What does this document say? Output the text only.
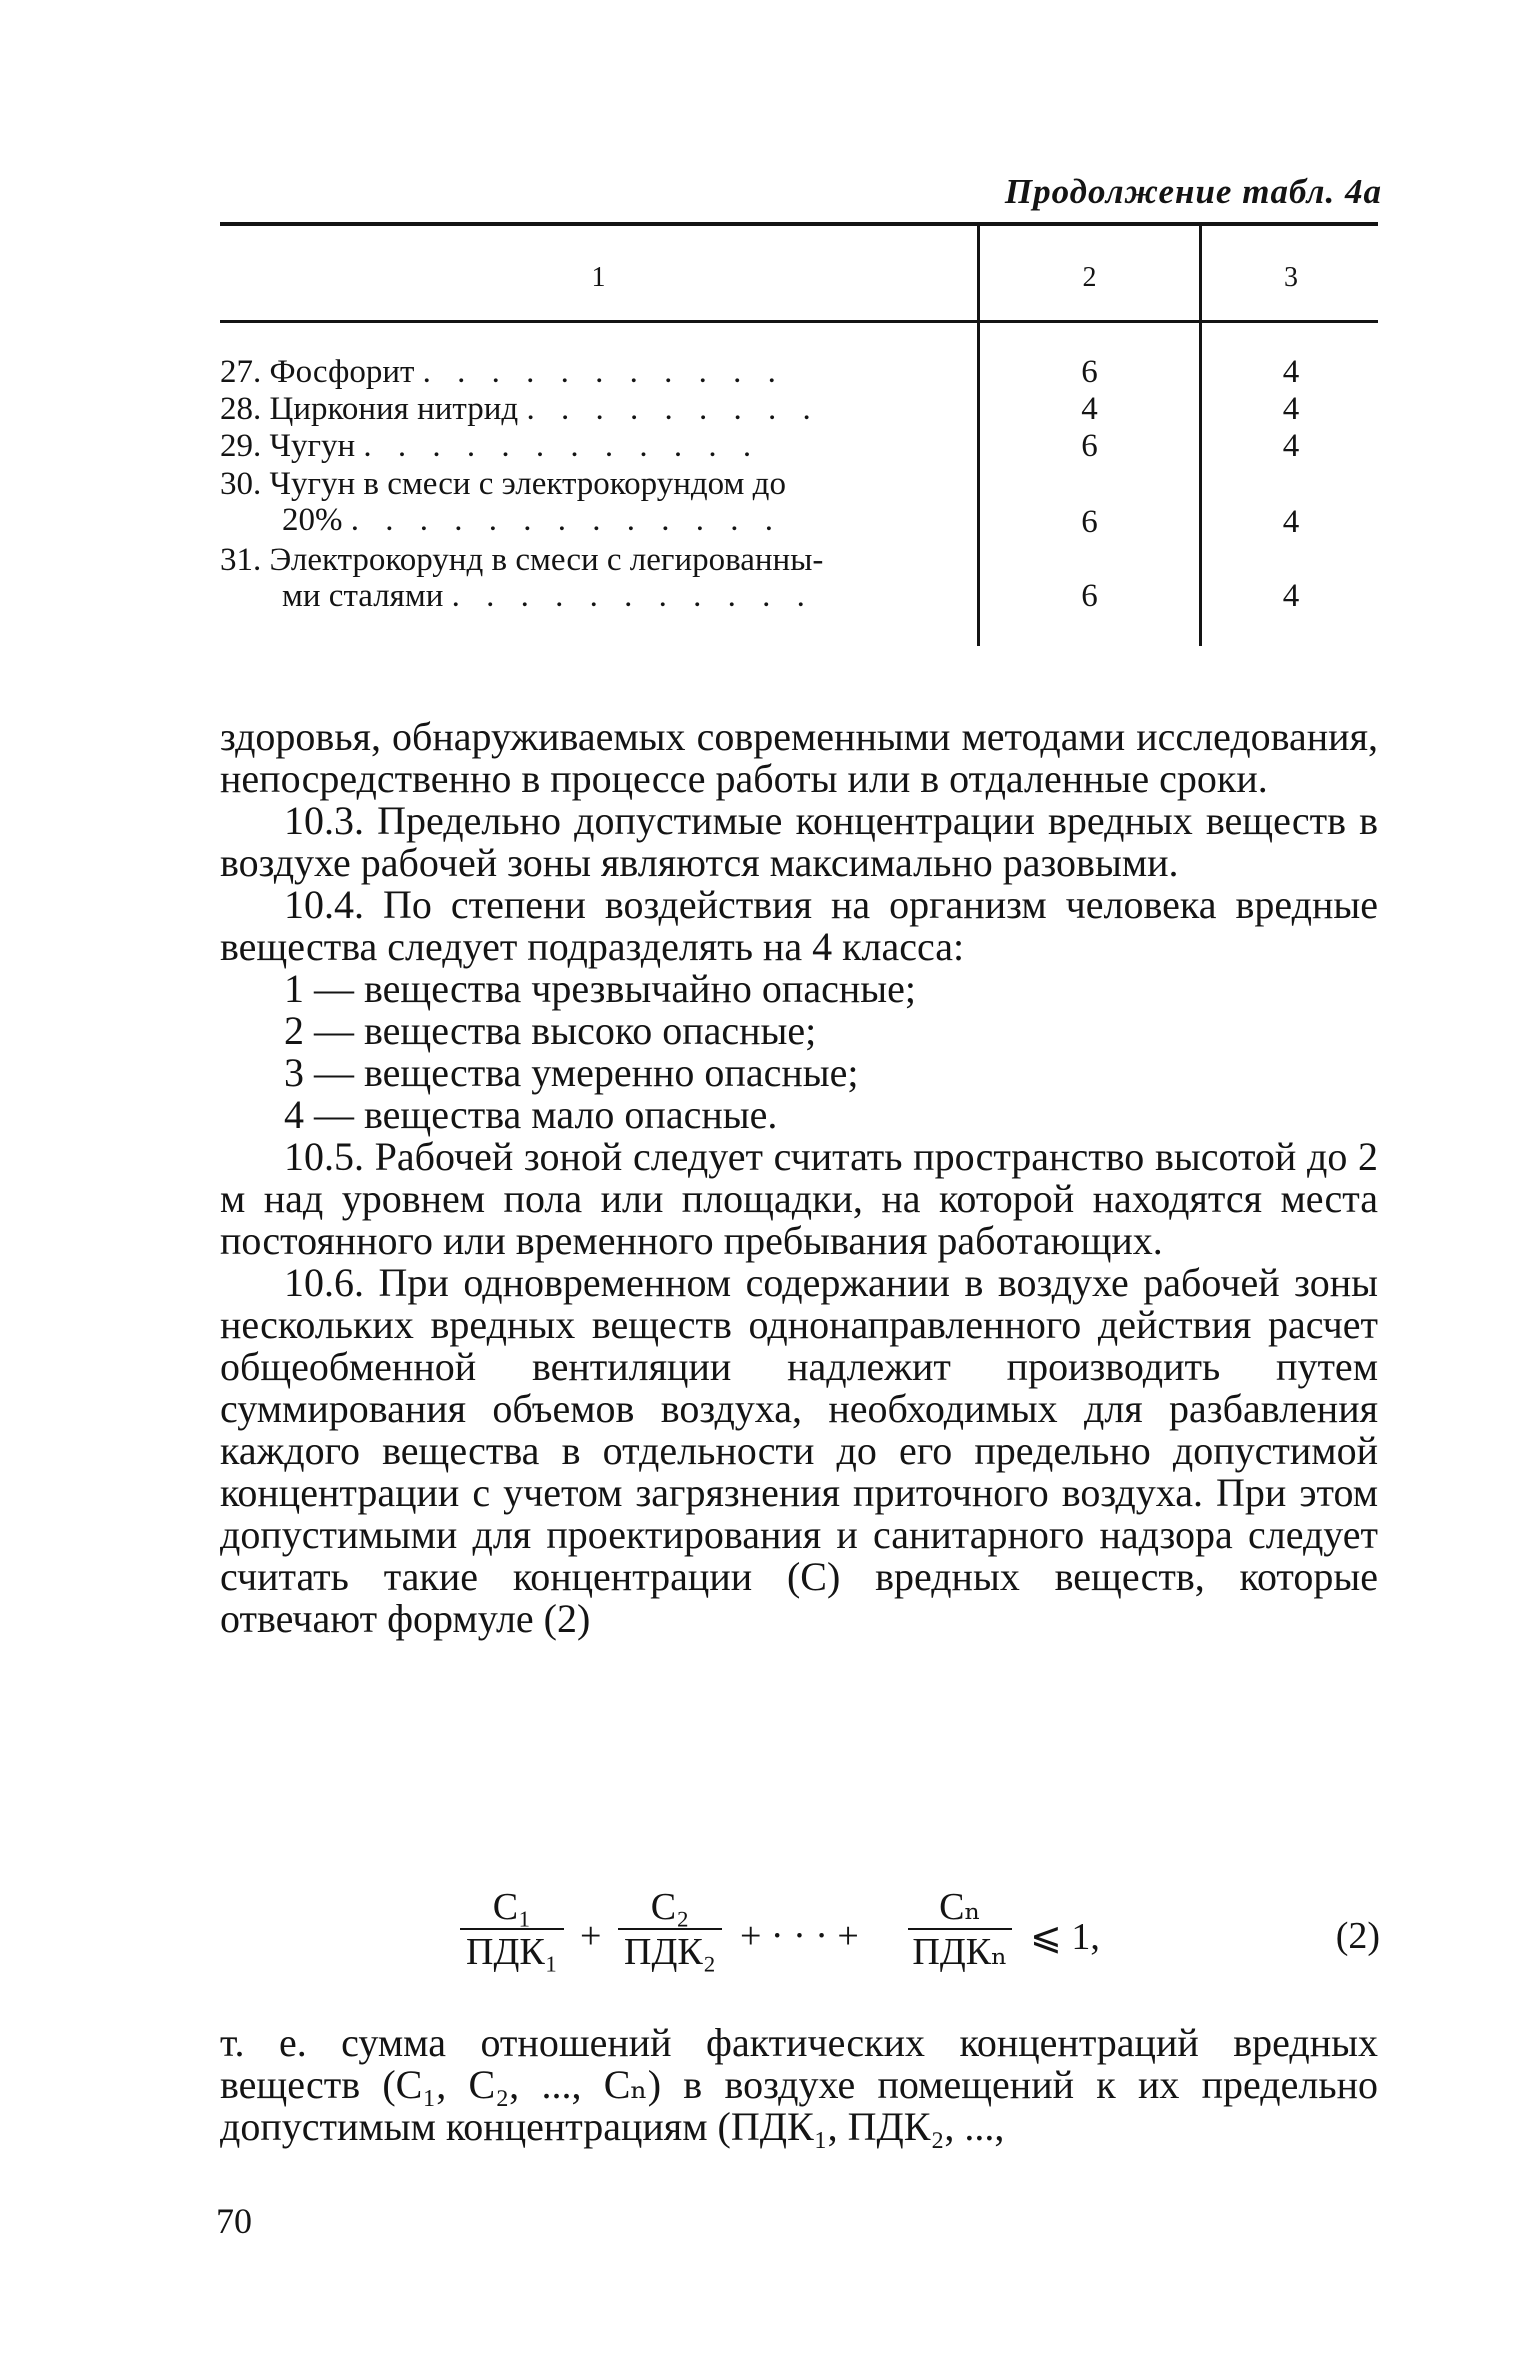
Продолжение табл. 4а
1	2	3
27. Фосфорит . . . . . . . . . . .	6	4
28. Циркония нитрид . . . . . . . . .	4	4
29. Чугун . . . . . . . . . . . .	6	4
30. Чугун в смеси с электрокорундом до
20% . . . . . . . . . . . . .	6	4
31. Электрокорунд в смеси с легированны-
ми сталями . . . . . . . . . . .	6	4

здоровья, обнаруживаемых современными методами исследования, непосредственно в процессе работы или в отдаленные сроки.

10.3. Предельно допустимые концентрации вредных веществ в воздухе рабочей зоны являются максимально разовыми.

10.4. По степени воздействия на организм человека вредные вещества следует подразделять на 4 класса:

1 — вещества чрезвычайно опасные;

2 — вещества высоко опасные;

3 — вещества умеренно опасные;

4 — вещества мало опасные.

10.5. Рабочей зоной следует считать пространство высотой до 2 м над уровнем пола или площадки, на которой находятся места постоянного или временного пребывания работающих.

10.6. При одновременном содержании в воздухе рабочей зоны нескольких вредных веществ однонаправленного действия расчет общеобменной вентиляции надлежит производить путем суммирования объемов воздуха, необходимых для разбавления каждого вещества в отдельности до его предельно допустимой концентрации с учетом загрязнения приточного воздуха. При этом допустимыми для проектирования и санитарного надзора следует считать такие концентрации (С) вредных веществ, которые отвечают формуле (2)

C₁
ПДК₁ +
C₂
ПДК₂ + · · · +
Cₙ
ПДКₙ ⩽ 1,	(2)

т. е. сумма отношений фактических концентраций вредных веществ (C₁, C₂, ..., Cₙ) в воздухе помещений к их предельно допустимым концентрациям (ПДК₁, ПДК₂, ...,

70
